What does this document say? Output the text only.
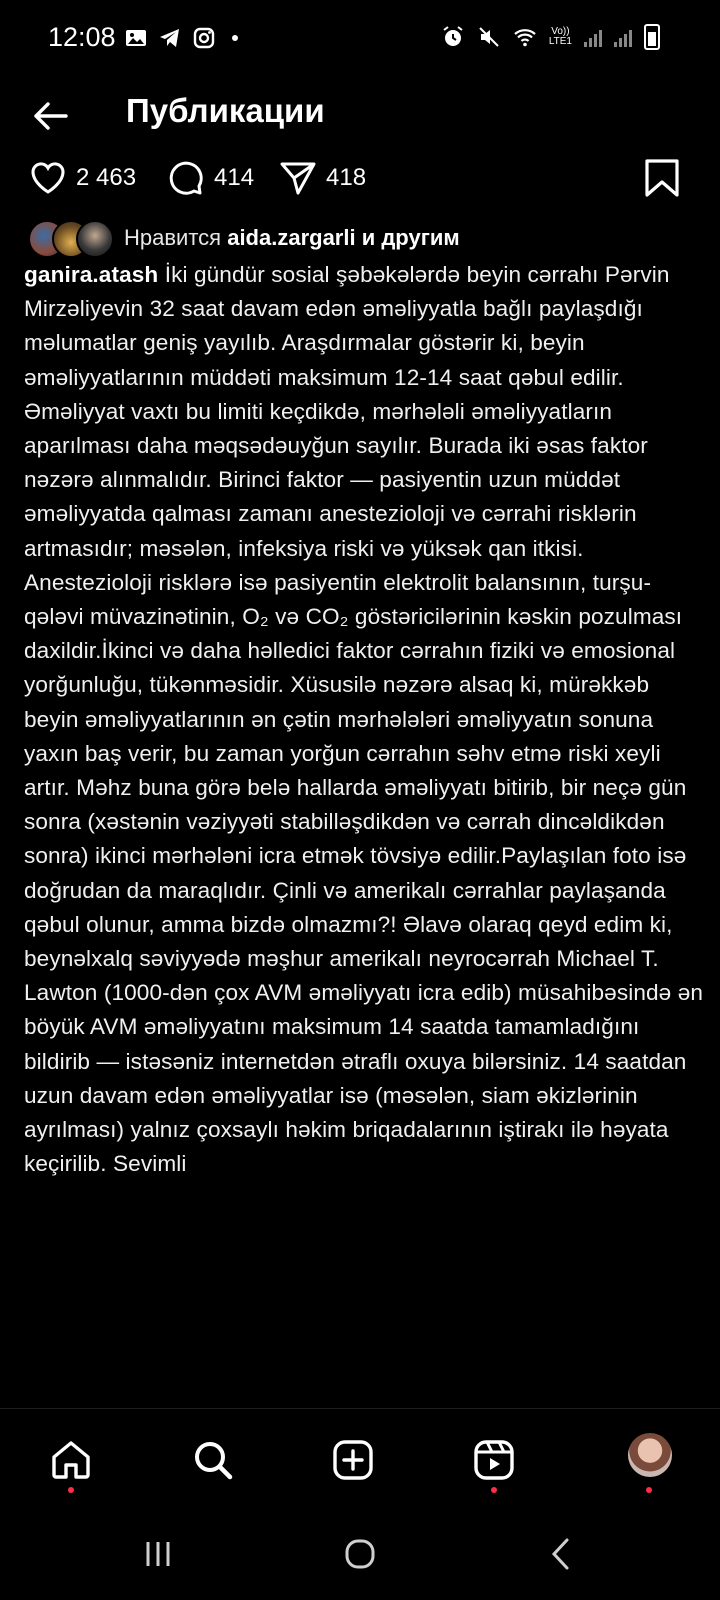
12:08	Vo))
LTE1
Публикации
2 463	414	418
Нравится aida.zargarli и другим
ganira.atash İki gündür sosial şəbəkələrdə beyin cərrahı Pərvin Mirzəliyevin 32 saat davam edən əməliyyatla bağlı paylaşdığı məlumatlar geniş yayılıb. Araşdırmalar göstərir ki, beyin əməliyyatlarının müddəti maksimum 12-14 saat qəbul edilir. Əməliyyat vaxtı bu limiti keçdikdə, mərhələli əməliyyatların aparılması daha məqsədəuyğun sayılır. Burada iki əsas faktor nəzərə alınmalıdır. Birinci faktor — pasiyentin uzun müddət əməliyyatda qalması zamanı anestezioloji və cərrahi risklərin artmasıdır; məsələn, infeksiya riski və yüksək qan itkisi. Anestezioloji risklərə isə pasiyentin elektrolit balansının, turşu-qələvi müvazinətinin, O₂ və CO₂ göstəricilərinin kəskin pozulması daxildir.İkinci və daha həlledici faktor cərrahın fiziki və emosional yorğunluğu, tükənməsidir. Xüsusilə nəzərə alsaq ki, mürəkkəb beyin əməliyyatlarının ən çətin mərhələləri əməliyyatın sonuna yaxın baş verir, bu zaman yorğun cərrahın səhv etmə riski xeyli artır. Məhz buna görə belə hallarda əməliyyatı bitirib, bir neçə gün sonra (xəstənin vəziyyəti stabilləşdikdən və cərrah dincəldikdən sonra) ikinci mərhələni icra etmək tövsiyə edilir.Paylaşılan foto isə doğrudan da maraqlıdır. Çinli və amerikalı cərrahlar paylaşanda qəbul olunur, amma bizdə olmazmı?! Əlavə olaraq qeyd edim ki, beynəlxalq səviyyədə məşhur amerikalı neyrocərrah Michael T. Lawton (1000-dən çox AVM əməliyyatı icra edib) müsahibəsində ən böyük AVM əməliyyatını maksimum 14 saatda tamamladığını bildirib — istəsəniz internetdən ətraflı oxuya bilərsiniz. 14 saatdan uzun davam edən əməliyyatlar isə (məsələn, siam əkizlərinin ayrılması) yalnız çoxsaylı həkim briqadalarının iştirakı ilə həyata keçirilib. Sevimli
